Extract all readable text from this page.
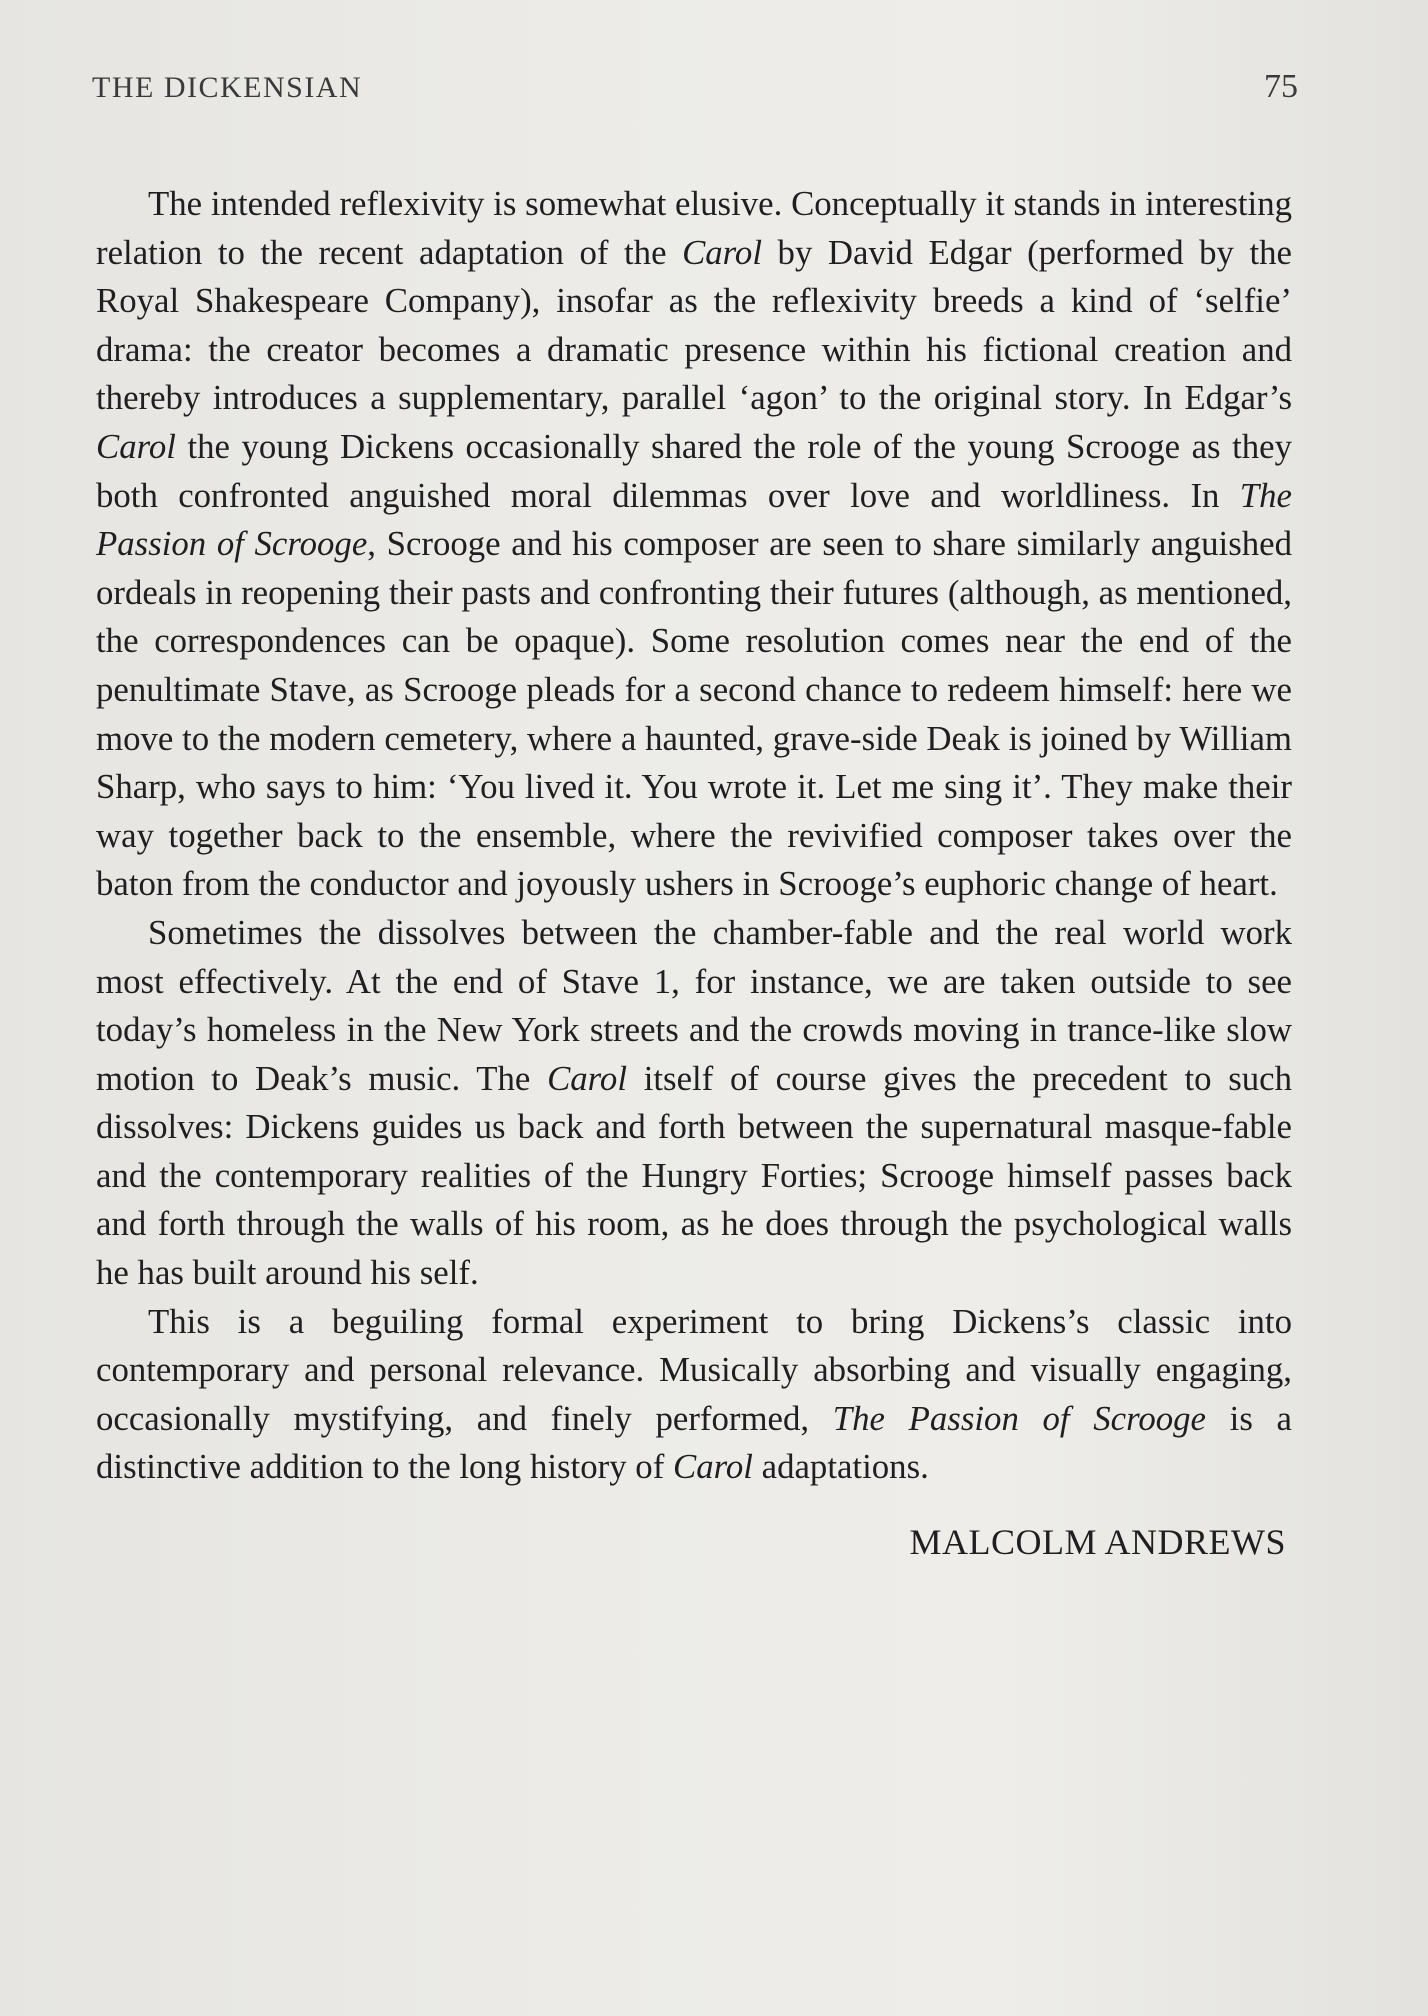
THE DICKENSIAN	75

The intended reflexivity is somewhat elusive. Conceptually it stands in interesting relation to the recent adaptation of the Carol by David Edgar (performed by the Royal Shakespeare Company), insofar as the reflexivity breeds a kind of ‘selfie’ drama: the creator becomes a dramatic presence within his fictional creation and thereby introduces a supplementary, parallel ‘agon’ to the original story. In Edgar’s Carol the young Dickens occasionally shared the role of the young Scrooge as they both confronted anguished moral dilemmas over love and worldliness. In The Passion of Scrooge, Scrooge and his composer are seen to share similarly anguished ordeals in reopening their pasts and confronting their futures (although, as mentioned, the correspondences can be opaque). Some resolution comes near the end of the penultimate Stave, as Scrooge pleads for a second chance to redeem himself: here we move to the modern cemetery, where a haunted, grave-side Deak is joined by William Sharp, who says to him: ‘You lived it. You wrote it. Let me sing it’. They make their way together back to the ensemble, where the revivified composer takes over the baton from the conductor and joyously ushers in Scrooge’s euphoric change of heart.

Sometimes the dissolves between the chamber-fable and the real world work most effectively. At the end of Stave 1, for instance, we are taken outside to see today’s homeless in the New York streets and the crowds moving in trance-like slow motion to Deak’s music. The Carol itself of course gives the precedent to such dissolves: Dickens guides us back and forth between the supernatural masque-fable and the contemporary realities of the Hungry Forties; Scrooge himself passes back and forth through the walls of his room, as he does through the psychological walls he has built around his self.

This is a beguiling formal experiment to bring Dickens’s classic into contemporary and personal relevance. Musically absorbing and visually engaging, occasionally mystifying, and finely performed, The Passion of Scrooge is a distinctive addition to the long history of Carol adaptations.

MALCOLM ANDREWS
